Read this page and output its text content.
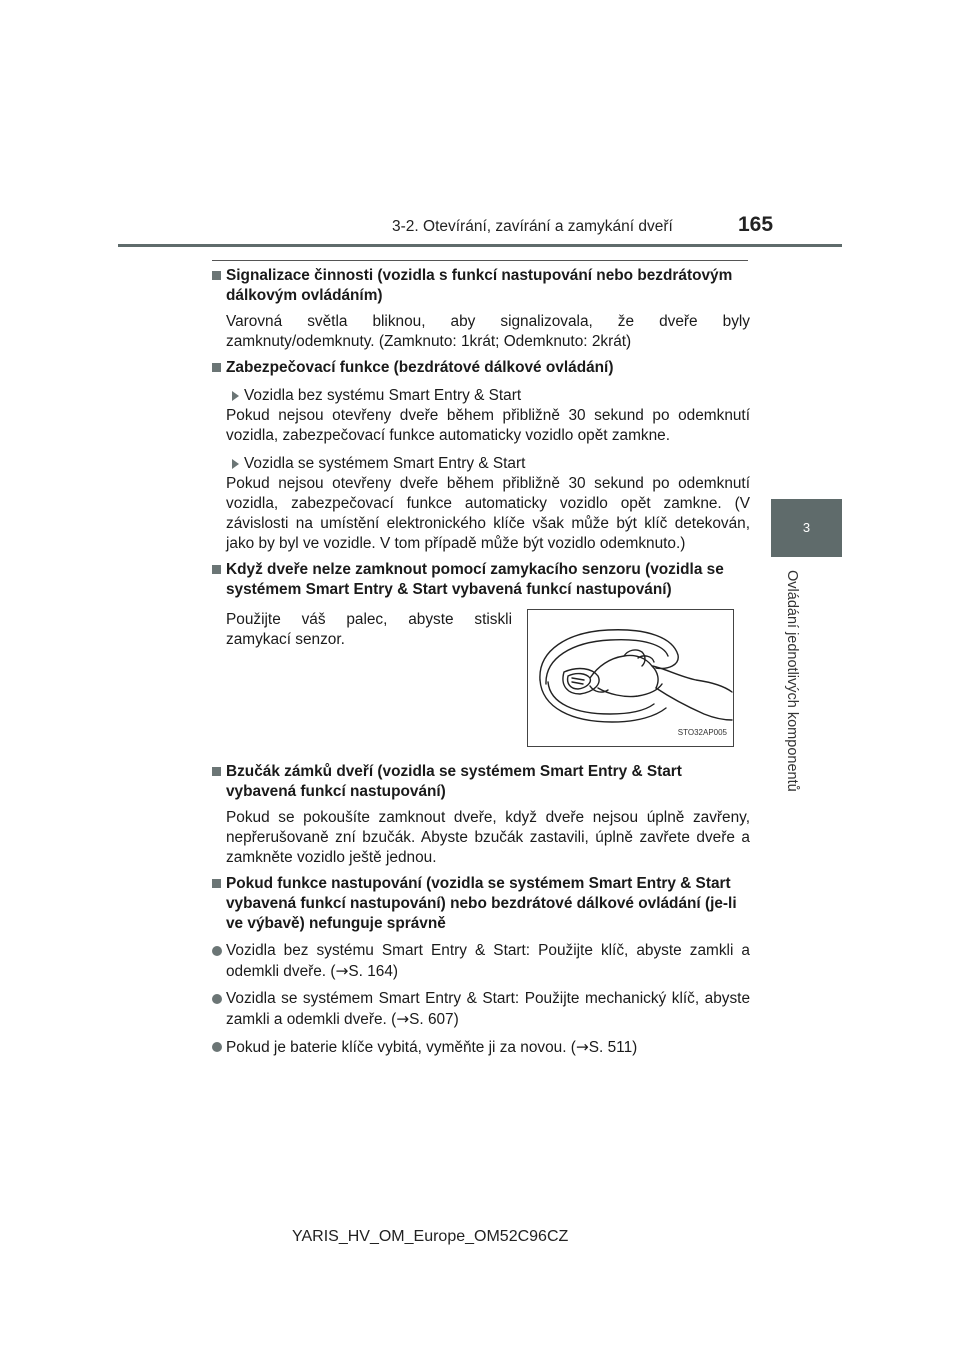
3-2. Otevírání, zavírání a zamykání dveří	165
3
Ovládání jednotlivých komponentů
Signalizace činnosti (vozidla s funkcí nastupování nebo bezdrátovým dálkovým ovládáním)
Varovná světla bliknou, aby signalizovala, že dveře byly zamknuty/odemknuty. (Zamknuto: 1krát; Odemknuto: 2krát)
Zabezpečovací funkce (bezdrátové dálkové ovládání)
Vozidla bez systému Smart Entry & Start
Pokud nejsou otevřeny dveře během přibližně 30 sekund po odemknutí vozidla, zabezpečovací funkce automaticky vozidlo opět zamkne.
Vozidla se systémem Smart Entry & Start
Pokud nejsou otevřeny dveře během přibližně 30 sekund po odemknutí vozidla, zabezpečovací funkce automaticky vozidlo opět zamkne. (V závislosti na umístění elektronického klíče však může být klíč detekován, jako by byl ve vozidle. V tom případě může být vozidlo odemknuto.)
Když dveře nelze zamknout pomocí zamykacího senzoru (vozidla se systémem Smart Entry & Start vybavená funkcí nastupování)
Použijte váš palec, abyste stiskli zamykací senzor.
STO32AP005
Bzučák zámků dveří (vozidla se systémem Smart Entry & Start vybavená funkcí nastupování)
Pokud se pokoušíte zamknout dveře, když dveře nejsou úplně zavřeny, nepřerušovaně zní bzučák. Abyste bzučák zastavili, úplně zavřete dveře a zamkněte vozidlo ještě jednou.
Pokud funkce nastupování (vozidla se systémem Smart Entry & Start vybavená funkcí nastupování) nebo bezdrátové dálkové ovládání (je-li ve výbavě) nefunguje správně
Vozidla bez systému Smart Entry & Start: Použijte klíč, abyste zamkli a odemkli dveře. (→S. 164)
Vozidla se systémem Smart Entry & Start: Použijte mechanický klíč, abyste zamkli a odemkli dveře. (→S. 607)
Pokud je baterie klíče vybitá, vyměňte ji za novou. (→S. 511)
YARIS_HV_OM_Europe_OM52C96CZ
